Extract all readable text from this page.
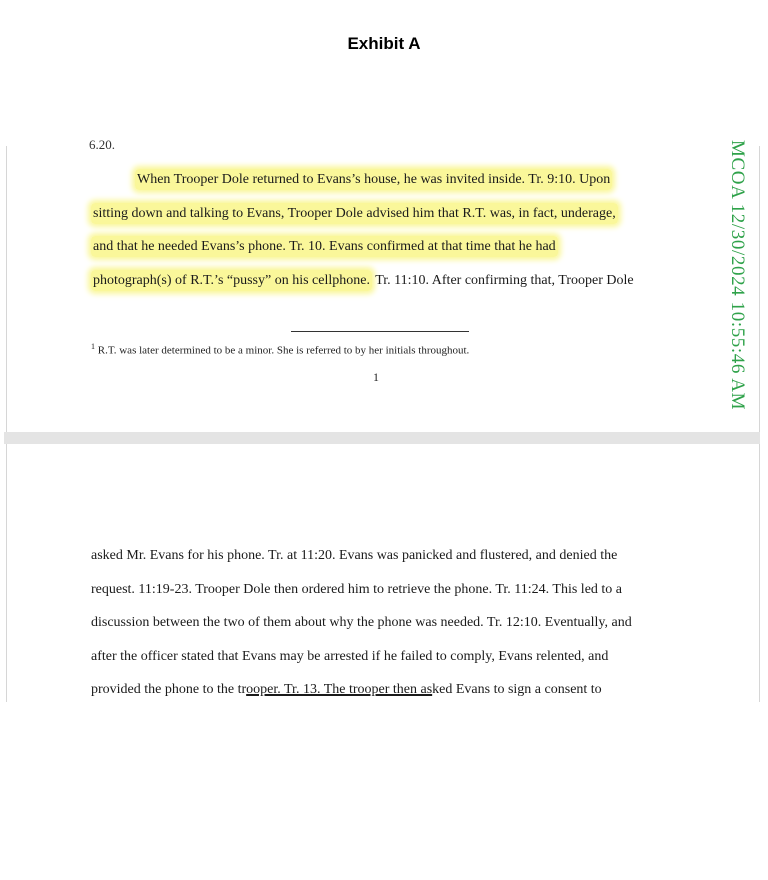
Exhibit A
6.20.
When Trooper Dole returned to Evans’s house, he was invited inside. Tr. 9:10. Upon
sitting down and talking to Evans, Trooper Dole advised him that R.T. was, in fact, underage,
and that he needed Evans’s phone. Tr. 10. Evans confirmed at that time that he had
photograph(s) of R.T.’s “pussy” on his cellphone. Tr. 11:10. After confirming that, Trooper Dole
$^1$ R.T. was later determined to be a minor. She is referred to by her initials throughout.
1	MCOA 12/30/2024 10:55:46 AM
asked Mr. Evans for his phone. Tr. at 11:20. Evans was panicked and flustered, and denied the
request. 11:19-23. Trooper Dole then ordered him to retrieve the phone. Tr. 11:24. This led to a
discussion between the two of them about why the phone was needed. Tr. 12:10. Eventually, and
after the officer stated that Evans may be arrested if he failed to comply, Evans relented, and
provided the phone to the trooper. Tr. 13. The trooper then asked Evans to sign a consent to
